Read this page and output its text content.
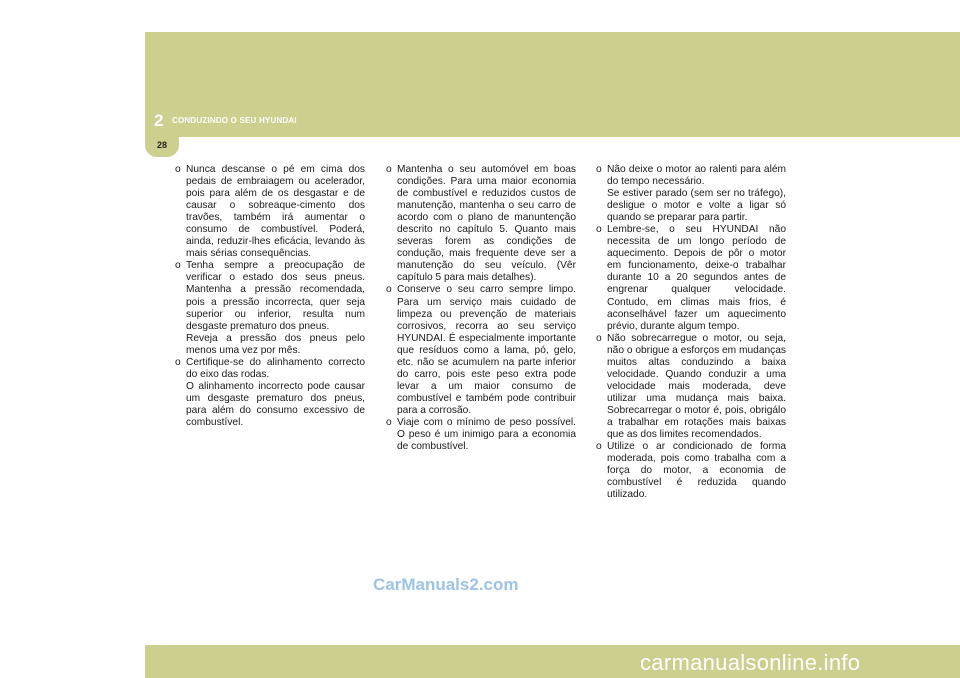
2 CONDUZINDO O SEU HYUNDAI
28
o Nunca descanse o pé em cima dos pedais de embraiagem ou acelerador, pois para além de os desgastar e de causar o sobreaque-cimento dos travões, também irá aumentar o consumo de combustível. Poderá, ainda, reduzir-lhes eficácia, levando às mais sérias consequências.

o Tenha sempre a preocupação de verificar o estado dos seus pneus. Mantenha a pressão recomendada, pois a pressão incorrecta, quer seja superior ou inferior, resulta num desgaste prematuro dos pneus.

Reveja a pressão dos pneus pelo menos uma vez por mês.

o Certifique-se do alinhamento correcto do eixo das rodas.

O alinhamento incorrecto pode causar um desgaste prematuro dos pneus, para além do consumo excessivo de combustível.

o Mantenha o seu automóvel em boas condições. Para uma maior economia de combustível e reduzidos custos de manutenção, mantenha o seu carro de acordo com o plano de manuntenção descrito no capítulo 5. Quanto mais severas forem as condições de condução, mais frequente deve ser a manutenção do seu veículo. (Vêr capítulo 5 para mais detalhes).

o Conserve o seu carro sempre limpo. Para um serviço mais cuidado de limpeza ou prevenção de materiais corrosivos, recorra ao seu serviço HYUNDAI. É especialmente importante que resíduos como a lama, pó, gelo, etc. não se acumulem na parte inferior do carro, pois este peso extra pode levar a um maior consumo de combustível e também pode contribuir para a corrosão.

o Viaje com o mínimo de peso possível. O peso é um inimigo para a economia de combustível.

o Não deixe o motor ao ralenti para além do tempo necessário.

Se estiver parado (sem ser no tráfego), desligue o motor e volte a ligar só quando se preparar para partir.

o Lembre-se, o seu HYUNDAI não necessita de um longo período de aquecimento. Depois de pôr o motor em funcionamento, deixe-o trabalhar durante 10 a 20 segundos antes de engrenar qualquer velocidade. Contudo, em climas mais frios, é aconselhável fazer um aquecimento prévio, durante algum tempo.

o Não sobrecarregue o motor, ou seja, não o obrigue a esforços em mudanças muitos altas conduzindo a baixa velocidade. Quando conduzir a uma velocidade mais moderada, deve utilizar uma mudança mais baixa. Sobrecarregar o motor é, pois, obrigálo a trabalhar em rotações mais baixas que as dos limites recomendados.

o Utilize o ar condicionado de forma moderada, pois como trabalha com a força do motor, a economia de combustível é reduzida quando utilizado.

CarManuals2.com
carmanualsonline.info
